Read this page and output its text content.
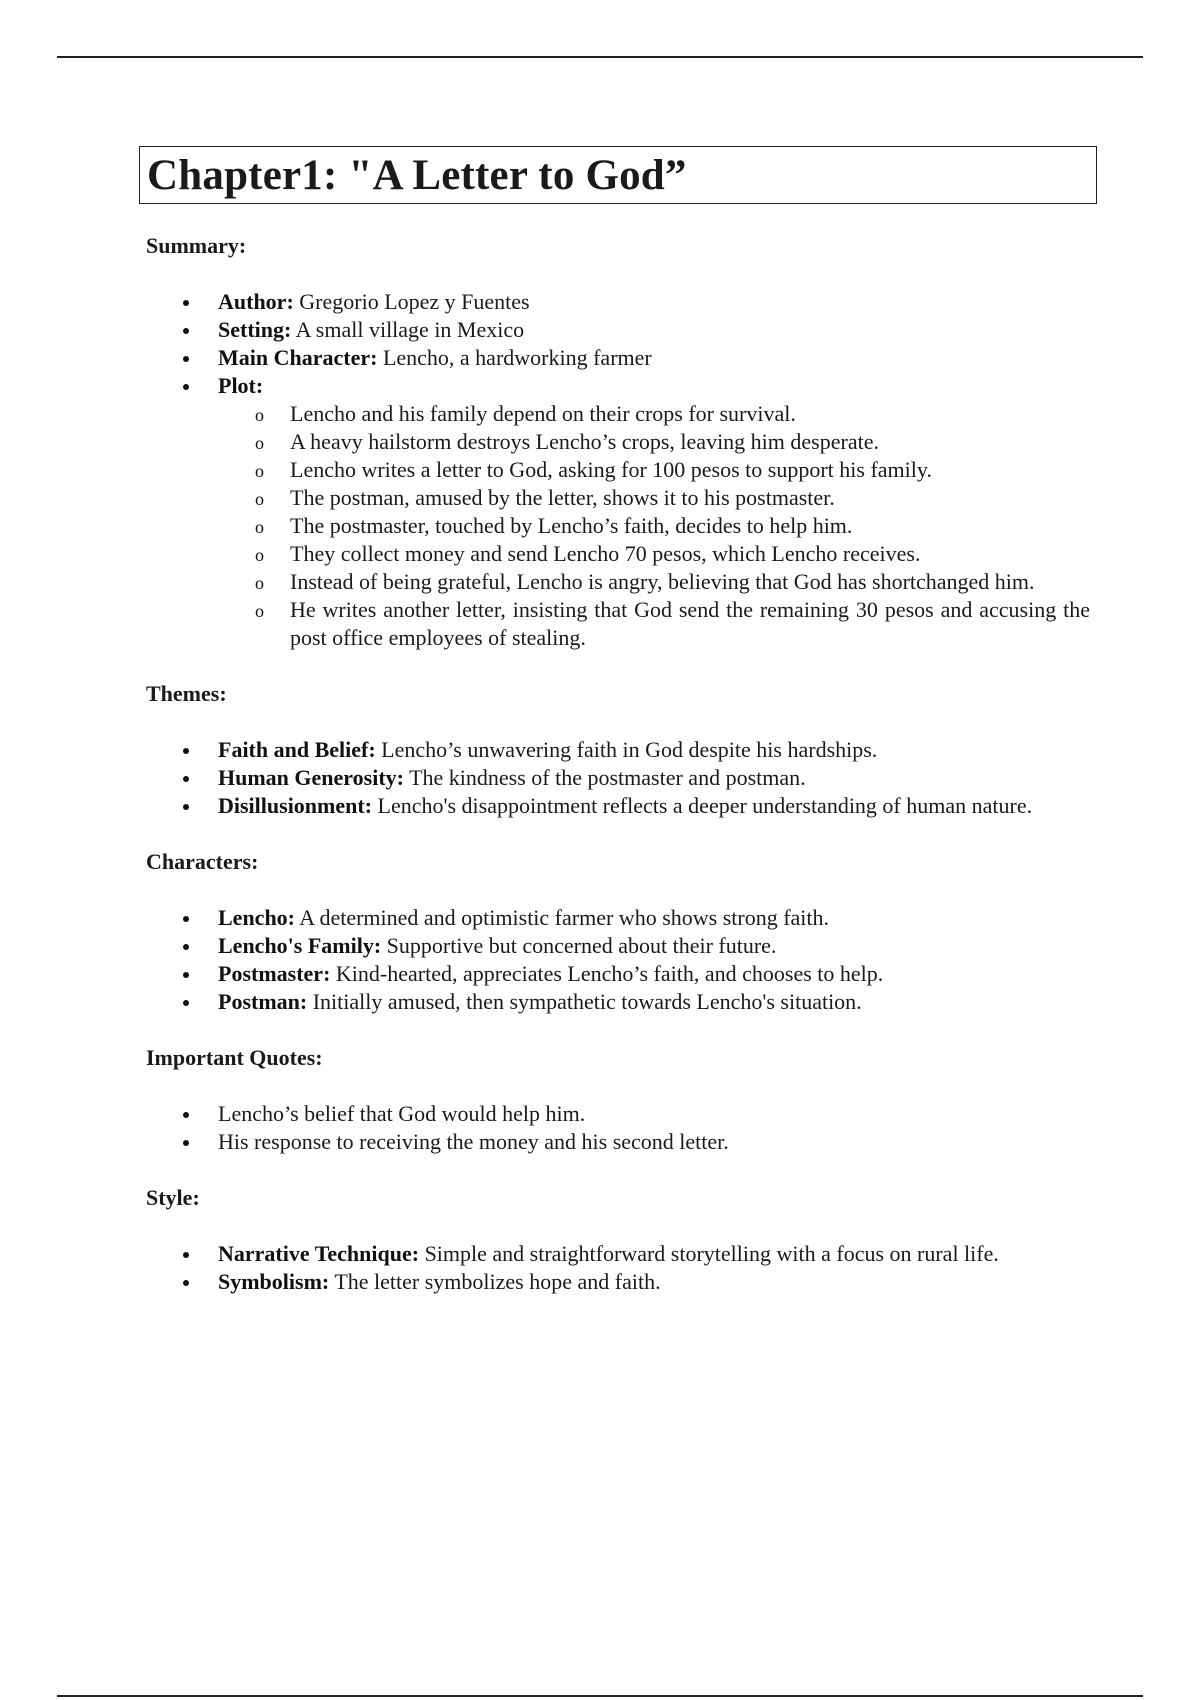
Chapter1: "A Letter to God”

Summary:

Author: Gregorio Lopez y Fuentes
Setting: A small village in Mexico
Main Character: Lencho, a hardworking farmer
Plot:
o Lencho and his family depend on their crops for survival.
o A heavy hailstorm destroys Lencho’s crops, leaving him desperate.
o Lencho writes a letter to God, asking for 100 pesos to support his family.
o The postman, amused by the letter, shows it to his postmaster.
o The postmaster, touched by Lencho’s faith, decides to help him.
o They collect money and send Lencho 70 pesos, which Lencho receives.
o Instead of being grateful, Lencho is angry, believing that God has shortchanged him.
o He writes another letter, insisting that God send the remaining 30 pesos and accusing the post office employees of stealing.

Themes:

Faith and Belief: Lencho’s unwavering faith in God despite his hardships.
Human Generosity: The kindness of the postmaster and postman.
Disillusionment: Lencho's disappointment reflects a deeper understanding of human nature.

Characters:

Lencho: A determined and optimistic farmer who shows strong faith.
Lencho's Family: Supportive but concerned about their future.
Postmaster: Kind-hearted, appreciates Lencho’s faith, and chooses to help.
Postman: Initially amused, then sympathetic towards Lencho's situation.

Important Quotes:

Lencho’s belief that God would help him.
His response to receiving the money and his second letter.

Style:

Narrative Technique: Simple and straightforward storytelling with a focus on rural life.
Symbolism: The letter symbolizes hope and faith.
